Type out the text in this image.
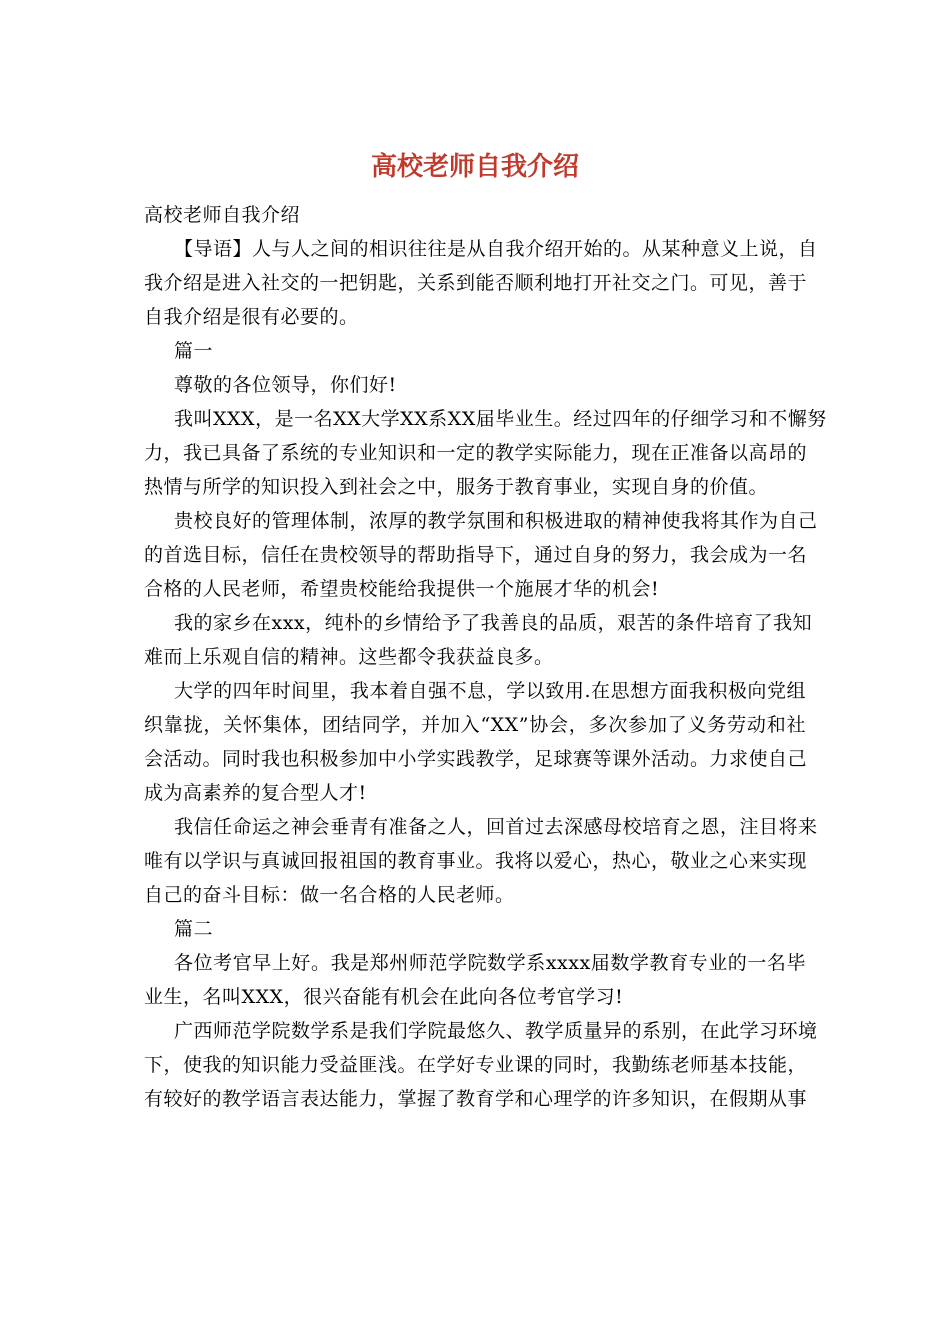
高校老师自我介绍
高校老师自我介绍
【导语】人与人之间的相识往往是从自我介绍开始的。从某种意义上说，自
我介绍是进入社交的一把钥匙，关系到能否顺利地打开社交之门。可见，善于
自我介绍是很有必要的。
篇一
尊敬的各位领导，你们好!
我叫XXX，是一名XX大学XX系XX届毕业生。经过四年的仔细学习和不懈努
力，我已具备了系统的专业知识和一定的教学实际能力，现在正准备以高昂的
热情与所学的知识投入到社会之中，服务于教育事业，实现自身的价值。
贵校良好的管理体制，浓厚的教学氛围和积极进取的精神使我将其作为自己
的首选目标，信任在贵校领导的帮助指导下，通过自身的努力，我会成为一名
合格的人民老师，希望贵校能给我提供一个施展才华的机会!
我的家乡在xxx，纯朴的乡情给予了我善良的品质，艰苦的条件培育了我知
难而上乐观自信的精神。这些都令我获益良多。
大学的四年时间里，我本着自强不息，学以致用.在思想方面我积极向党组
织靠拢，关怀集体，团结同学，并加入“XX”协会，多次参加了义务劳动和社
会活动。同时我也积极参加中小学实践教学，足球赛等课外活动。力求使自己
成为高素养的复合型人才!
我信任命运之神会垂青有准备之人，回首过去深感母校培育之恩，注目将来
唯有以学识与真诚回报祖国的教育事业。我将以爱心，热心，敬业之心来实现
自己的奋斗目标：做一名合格的人民老师。
篇二
各位考官早上好。我是郑州师范学院数学系xxxx届数学教育专业的一名毕
业生，名叫XXX，很兴奋能有机会在此向各位考官学习!
广西师范学院数学系是我们学院最悠久、教学质量异的系别，在此学习环境
下，使我的知识能力受益匪浅。在学好专业课的同时，我勤练老师基本技能，
有较好的教学语言表达能力，掌握了教育学和心理学的许多知识，在假期从事
